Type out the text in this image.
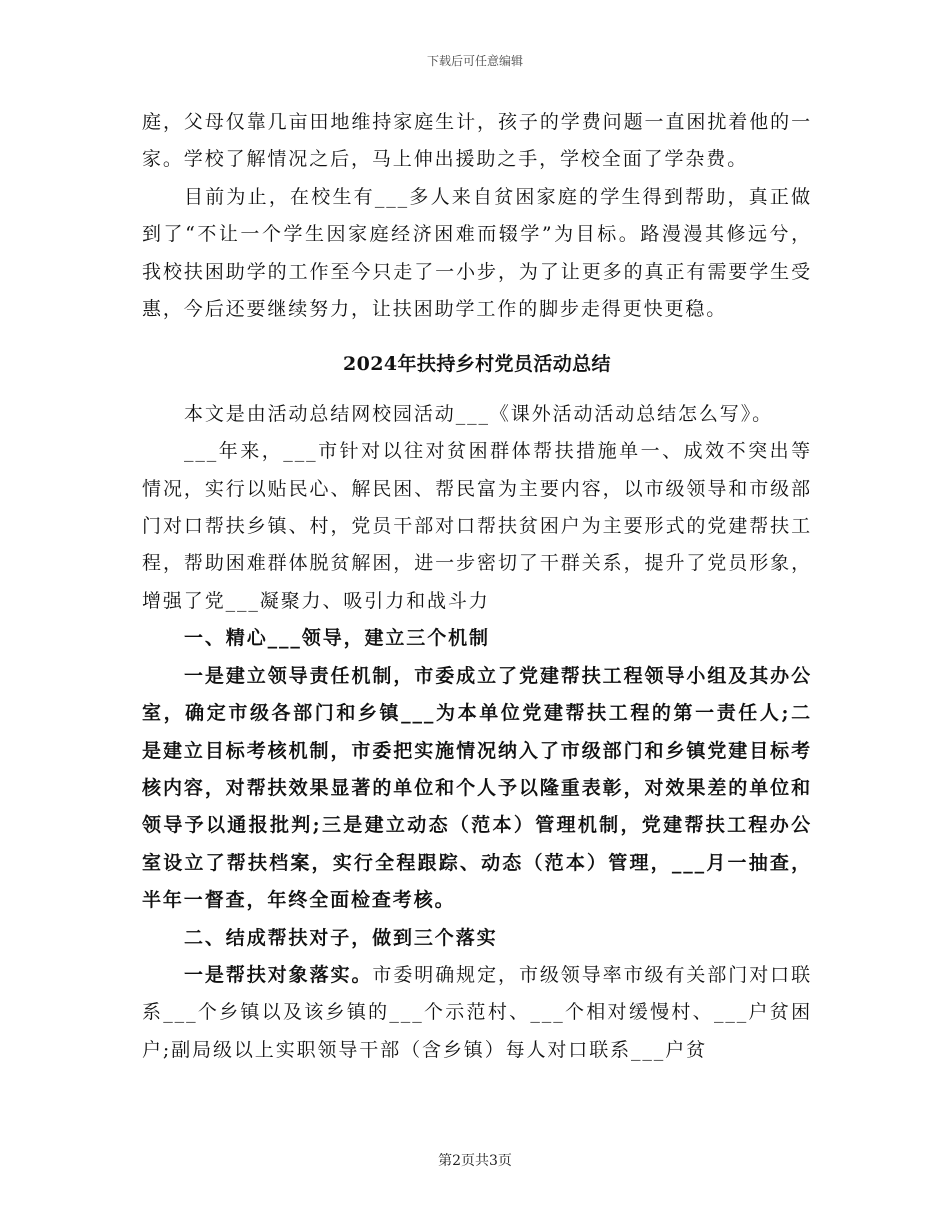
下载后可任意编辑

庭，父母仅靠几亩田地维持家庭生计，孩子的学费问题一直困扰着他的一家。学校了解情况之后，马上伸出援助之手，学校全面了学杂费。

目前为止，在校生有___多人来自贫困家庭的学生得到帮助，真正做到了“不让一个学生因家庭经济困难而辍学”为目标。路漫漫其修远兮，我校扶困助学的工作至今只走了一小步，为了让更多的真正有需要学生受惠，今后还要继续努力，让扶困助学工作的脚步走得更快更稳。

2024年扶持乡村党员活动总结

本文是由活动总结网校园活动___《课外活动活动总结怎么写》。

___年来，___市针对以往对贫困群体帮扶措施单一、成效不突出等情况，实行以贴民心、解民困、帮民富为主要内容，以市级领导和市级部门对口帮扶乡镇、村，党员干部对口帮扶贫困户为主要形式的党建帮扶工程，帮助困难群体脱贫解困，进一步密切了干群关系，提升了党员形象，增强了党___凝聚力、吸引力和战斗力

一、精心___领导，建立三个机制

一是建立领导责任机制，市委成立了党建帮扶工程领导小组及其办公室，确定市级各部门和乡镇___为本单位党建帮扶工程的第一责任人;二是建立目标考核机制，市委把实施情况纳入了市级部门和乡镇党建目标考核内容，对帮扶效果显著的单位和个人予以隆重表彰，对效果差的单位和领导予以通报批判;三是建立动态（范本）管理机制，党建帮扶工程办公室设立了帮扶档案，实行全程跟踪、动态（范本）管理，___月一抽查，半年一督查，年终全面检查考核。

二、结成帮扶对子，做到三个落实

一是帮扶对象落实。市委明确规定，市级领导率市级有关部门对口联系___个乡镇以及该乡镇的___个示范村、___个相对缓慢村、___户贫困户;副局级以上实职领导干部（含乡镇）每人对口联系___户贫

第2页共3页
